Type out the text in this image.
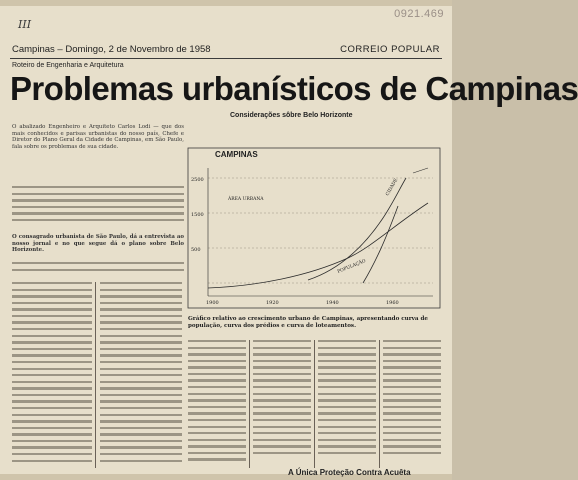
0921.469
III
Campinas – Domingo, 2 de Novembro de 1958	CORREIO POPULAR
Roteiro de Engenharia e Arquitetura
Problemas urbanísticos de Campinas
Considerações sôbre Belo Horizonte
O abalizado Engenheiro e Arquiteto Carlos Lodi — que dos mais conhecidos e parisas urbanistas do nosso país, Chefe e Diretor do Plano Geral da Cidade de Campinas, em São Paulo, fala sobre os problemas de sua cidade.
O consagrado urbanista de São Paulo, dá a entrevista ao nosso jornal e no que segue dá o plano sobre Belo Horizonte.
2500
1500
500
1900	1920	1940	1960
ÁREA URBANA
POPULAÇÃO
CIDADE
CAMPINAS
Gráfico relativo ao crescimento urbano de Campinas, apresentando curva de população, curva dos prédios e curva de loteamentos.
A Única Proteção Contra Acuêta
